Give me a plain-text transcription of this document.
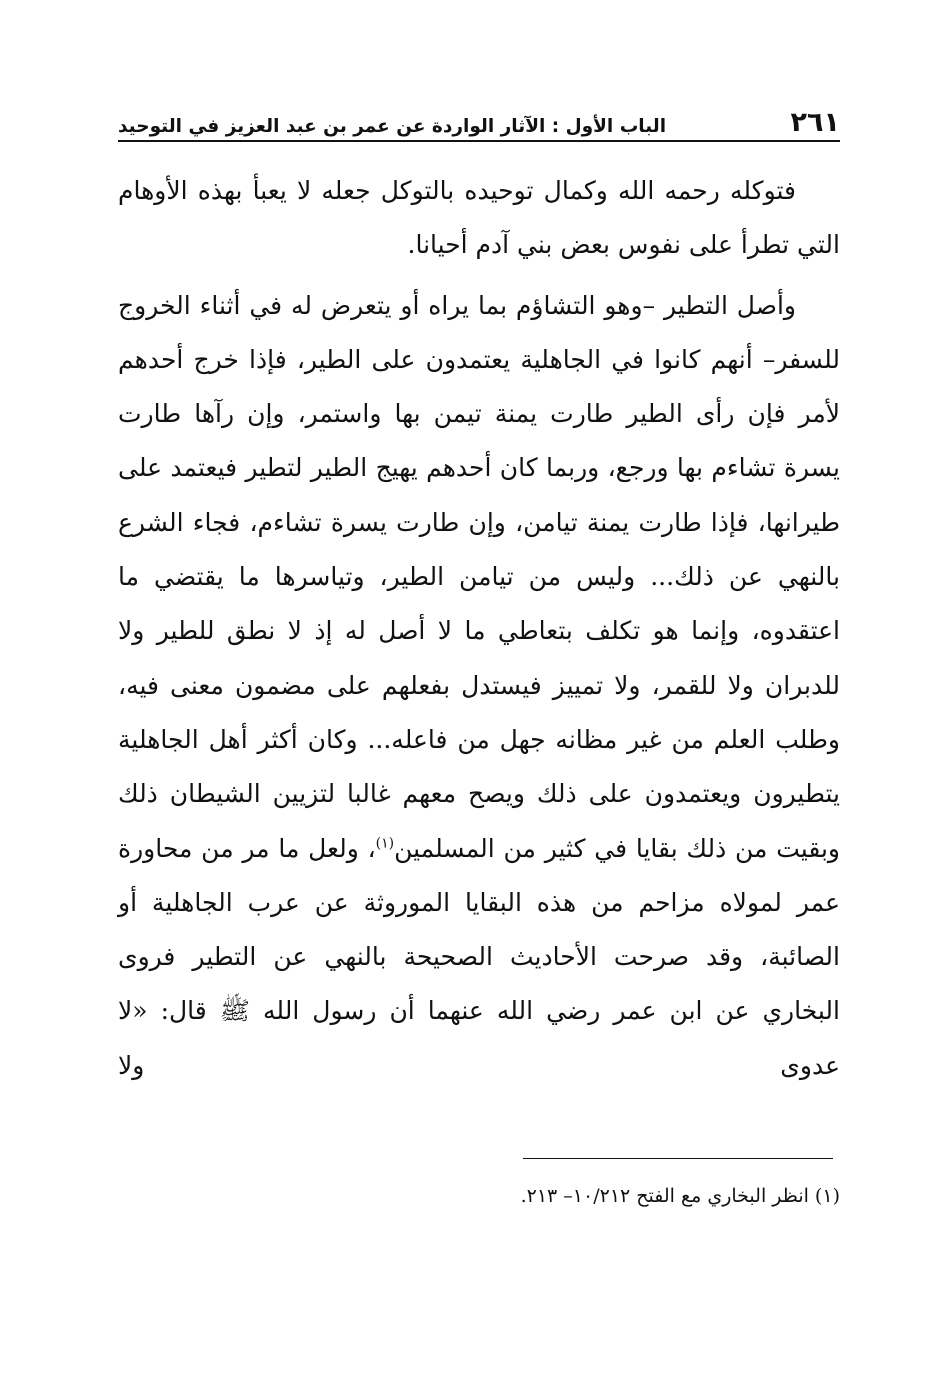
٢٦١
الباب الأول : الآثار الواردة عن عمر بن عبد العزيز في التوحيد

فتوكله رحمه الله وكمال توحيده بالتوكل جعله لا يعبأ بهذه الأوهام التي تطرأ على نفوس بعض بني آدم أحيانا.

وأصل التطير –وهو التشاؤم بما يراه أو يتعرض له في أثناء الخروج للسفر– أنهم كانوا في الجاهلية يعتمدون على الطير، فإذا خرج أحدهم لأمر فإن رأى الطير طارت يمنة تيمن بها واستمر، وإن رآها طارت يسرة تشاءم بها ورجع، وربما كان أحدهم يهيج الطير لتطير فيعتمد على طيرانها، فإذا طارت يمنة تيامن، وإن طارت يسرة تشاءم، فجاء الشرع بالنهي عن ذلك... وليس من تيامن الطير، وتياسرها ما يقتضي ما اعتقدوه، وإنما هو تكلف بتعاطي ما لا أصل له إذ لا نطق للطير ولا للدبران ولا للقمر، ولا تمييز فيستدل بفعلهم على مضمون معنى فيه، وطلب العلم من غير مظانه جهل من فاعله... وكان أكثر أهل الجاهلية يتطيرون ويعتمدون على ذلك ويصح معهم غالبا لتزيين الشيطان ذلك وبقيت من ذلك بقايا في كثير من المسلمين$^{(١)}$، ولعل ما مر من محاورة عمر لمولاه مزاحم من هذه البقايا الموروثة عن عرب الجاهلية أو الصائبة، وقد صرحت الأحاديث الصحيحة بالنهي عن التطير فروى البخاري عن ابن عمر رضي الله عنهما أن رسول الله ﷺ قال: «لا عدوى ولا

(١) انظر البخاري مع الفتح ١٠/٢١٢– ٢١٣.
